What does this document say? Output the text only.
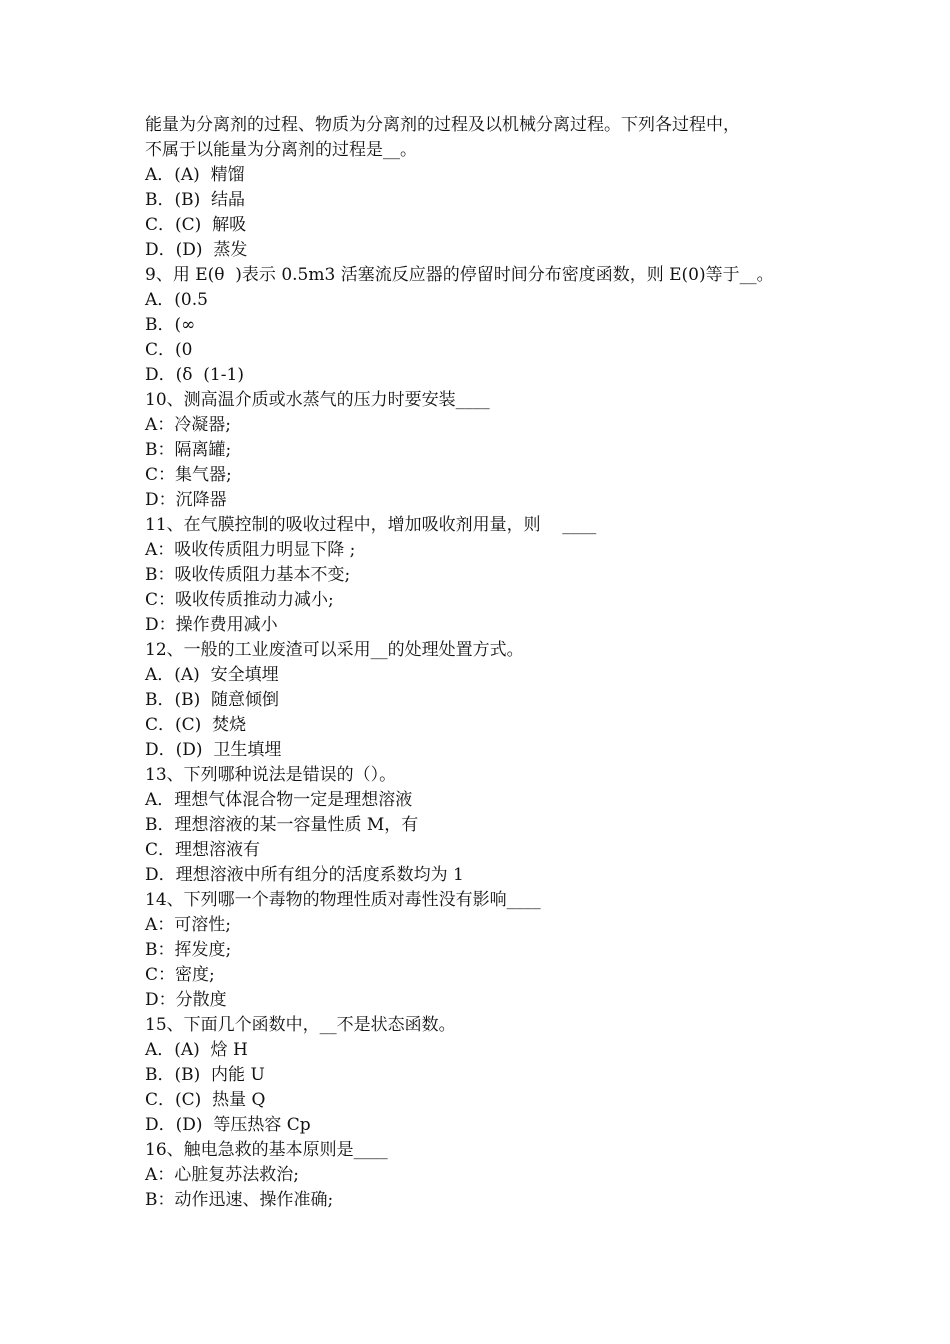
能量为分离剂的过程、物质为分离剂的过程及以机械分离过程。下列各过程中，
不属于以能量为分离剂的过程是__。
A．(A)  精馏
B．(B)  结晶
C．(C)  解吸
D．(D)  蒸发
9、用 E(θ  )表示 0.5m3 活塞流反应器的停留时间分布密度函数，则 E(0)等于__。
A．(0.5
B．(∞
C．(0
D．(δ  (1-1)
10、测高温介质或水蒸气的压力时要安装____
A：冷凝器;
B：隔离罐;
C：集气器;
D：沉降器
11、在气膜控制的吸收过程中，增加吸收剂用量，则    ____
A：吸收传质阻力明显下降 ;
B：吸收传质阻力基本不变;
C：吸收传质推动力减小;
D：操作费用减小
12、一般的工业废渣可以采用__的处理处置方式。
A．(A)  安全填埋
B．(B)  随意倾倒
C．(C)  焚烧
D．(D)  卫生填埋
13、下列哪种说法是错误的（）。
A．理想气体混合物一定是理想溶液
B．理想溶液的某一容量性质 M，有
C．理想溶液有
D．理想溶液中所有组分的活度系数均为 1
14、下列哪一个毒物的物理性质对毒性没有影响____
A：可溶性;
B：挥发度;
C：密度;
D：分散度
15、下面几个函数中，__不是状态函数。
A．(A)  焓 H
B．(B)  内能 U
C．(C)  热量 Q
D．(D)  等压热容 Cp
16、触电急救的基本原则是____
A：心脏复苏法救治;
B：动作迅速、操作准确;
